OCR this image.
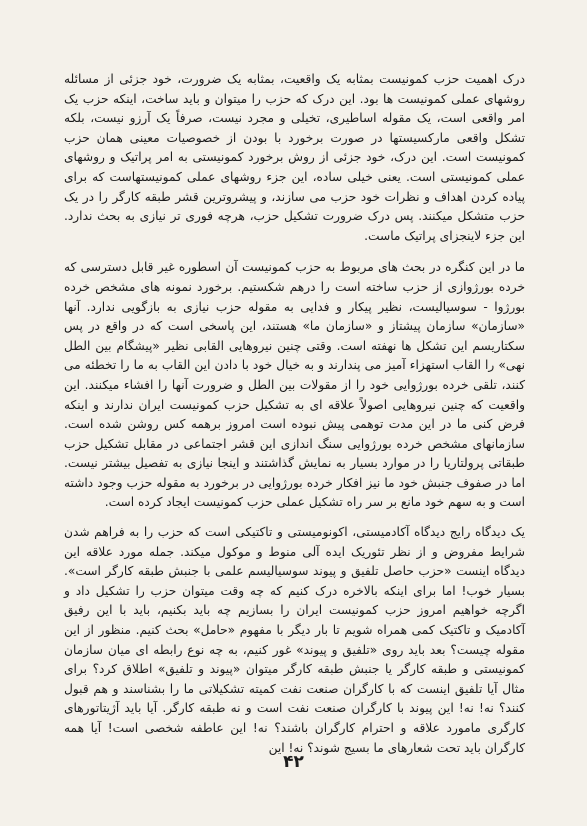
درک اهمیت حزب کمونیست بمثابه یک واقعیت، بمثابه یک ضرورت، خود جزئی از مسائله روشهای عملی کمونیست ها بود. این درک که حزب را میتوان و باید ساخت، اینکه حزب یک امر واقعی است، یک مقوله اساطیری، تخیلی و مجرد نیست، صرفاً یک آرزو نیست، بلکه تشکل واقعی مارکسیستها در صورت برخورد با بودن از خصوصیات معینی همان حزب کمونیست است. این درک، خود جزئی از روش برخورد کمونیستی به امر پراتیک و روشهای عملی کمونیستی است. یعنی خیلی ساده، این جزء روشهای عملی کمونیستهاست که برای پیاده کردن اهداف و نظرات خود حزب می سازند، و پیشروترین قشر طبقه کارگر را در یک حزب متشکل میکنند. پس درک ضرورت تشکیل حزب، هرچه فوری تر نیازی به بحث ندارد. این جزء لاینجزای پراتیک ماست.

ما در این کنگره در بحث های مربوط به حزب کمونیست آن اسطوره غیر قابل دسترسی که خرده بورژوازی از حزب ساخته است را درهم شکستیم. برخورد نمونه های مشخص خرده بورژوا - سوسیالیست، نظیر پیکار و فدایی به مقوله حزب نیازی به بازگویی ندارد. آنها «سازمان» سازمان پیشتاز و «سازمان ما» هستند، این پاسخی است که در واقع در پس سکتاریسم این تشکل ها نهفته است. وقتی چنین نیروهایی القابی نظیر «پیشگام بین الطل نهی» را القاب استهزاء آمیز می پندارند و به خیال خود با دادن این القاب به ما را تخطئه می کنند، تلقی خرده بورژوایی خود را از مقولات بین الطل و ضرورت آنها را افشاء میکنند. این واقعیت که چنین نیروهایی اصولاً علاقه ای به تشکیل حزب کمونیست ایران ندارند و اینکه فرض کنی ما در این مدت توهمی پیش نبوده است امروز برهمه کس روشن شده است. سازمانهای مشخص خرده بورژوایی سنگ اندازی این قشر اجتماعی در مقابل تشکیل حزب طبقاتی پرولتاریا را در موارد بسیار به نمایش گذاشتند و اینجا نیازی به تفصیل بیشتر نیست. اما در صفوف جنبش خود ما نیز افکار خرده بورژوایی در برخورد به مقوله حزب وجود داشته است و به سهم خود مانع بر سر راه تشکیل عملی حزب کمونیست ایجاد کرده است.

یک دیدگاه رایج دیدگاه آکادمیستی، اکونومیستی و تاکتیکی است که حزب را به فراهم شدن شرایط مفروض و از نظر تئوریک ایده آلی منوط و موکول میکند. جمله مورد علاقه این دیدگاه اینست «حزب حاصل تلفیق و پیوند سوسیالیسم علمی با جنبش طبقه کارگر است». بسیار خوب! اما برای اینکه بالاخره درک کنیم که چه وقت میتوان حزب را تشکیل داد و اگرچه خواهیم امروز حزب کمونیست ایران را بسازیم چه باید بکنیم، باید با این رفیق آکادمیک و تاکتیک کمی همراه شویم تا بار دیگر با مفهوم «حامل» بحث کنیم. منظور از این مقوله چیست؟ بعد باید روی «تلفیق و پیوند» غور کنیم، به چه نوع رابطه ای میان سازمان کمونیستی و طبقه کارگر یا جنبش طبقه کارگر میتوان «پیوند و تلفیق» اطلاق کرد؟ برای مثال آیا تلفیق اینست که با کارگران صنعت نفت کمیته تشکیلاتی ما را بشناسند و هم قبول کنند؟ نه! نه! این پیوند با کارگران صنعت نفت است و نه طبقه کارگر. آیا باید آژیتاتورهای کارگری مامورد علاقه و احترام کارگران باشند؟ نه! این عاطفه شخصی است! آیا همه کارگران باید تحت شعارهای ما بسیج شوند؟ نه! این

۴۲
